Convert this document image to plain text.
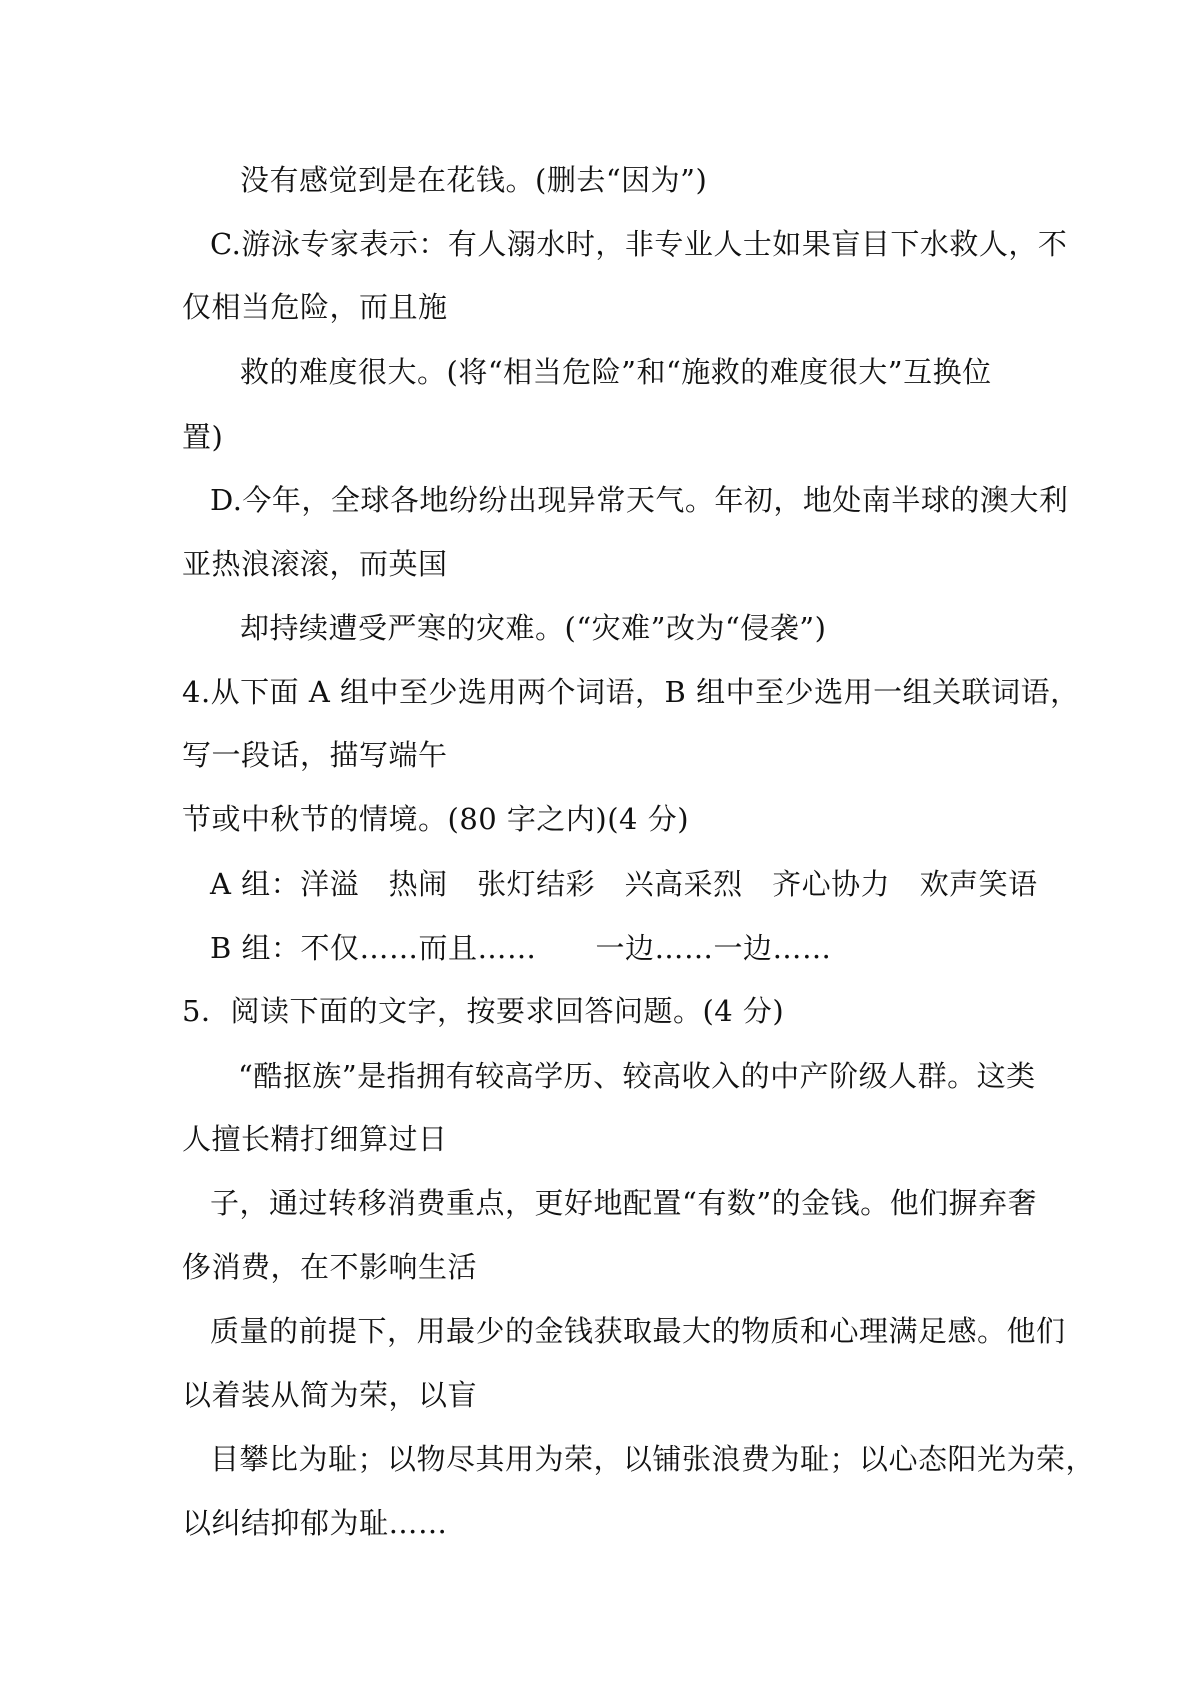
没有感觉到是在花钱。(删去“因为”)
C.游泳专家表示：有人溺水时，非专业人士如果盲目下水救人，不
仅相当危险，而且施
救的难度很大。(将“相当危险”和“施救的难度很大”互换位
置)
D.今年，全球各地纷纷出现异常天气。年初，地处南半球的澳大利
亚热浪滚滚，而英国
却持续遭受严寒的灾难。(“灾难”改为“侵袭”)
4.从下面 A 组中至少选用两个词语，B 组中至少选用一组关联词语，
写一段话，描写端午
节或中秋节的情境。(80 字之内)(4 分)
A 组：洋溢　热闹　张灯结彩　兴高采烈　齐心协力　欢声笑语
B 组：不仅……而且……　　一边……一边……
5．阅读下面的文字，按要求回答问题。(4 分)
“酷抠族”是指拥有较高学历、较高收入的中产阶级人群。这类
人擅长精打细算过日
子，通过转移消费重点，更好地配置“有数”的金钱。他们摒弃奢
侈消费，在不影响生活
质量的前提下，用最少的金钱获取最大的物质和心理满足感。他们
以着装从简为荣，以盲
目攀比为耻；以物尽其用为荣，以铺张浪费为耻；以心态阳光为荣，
以纠结抑郁为耻……
